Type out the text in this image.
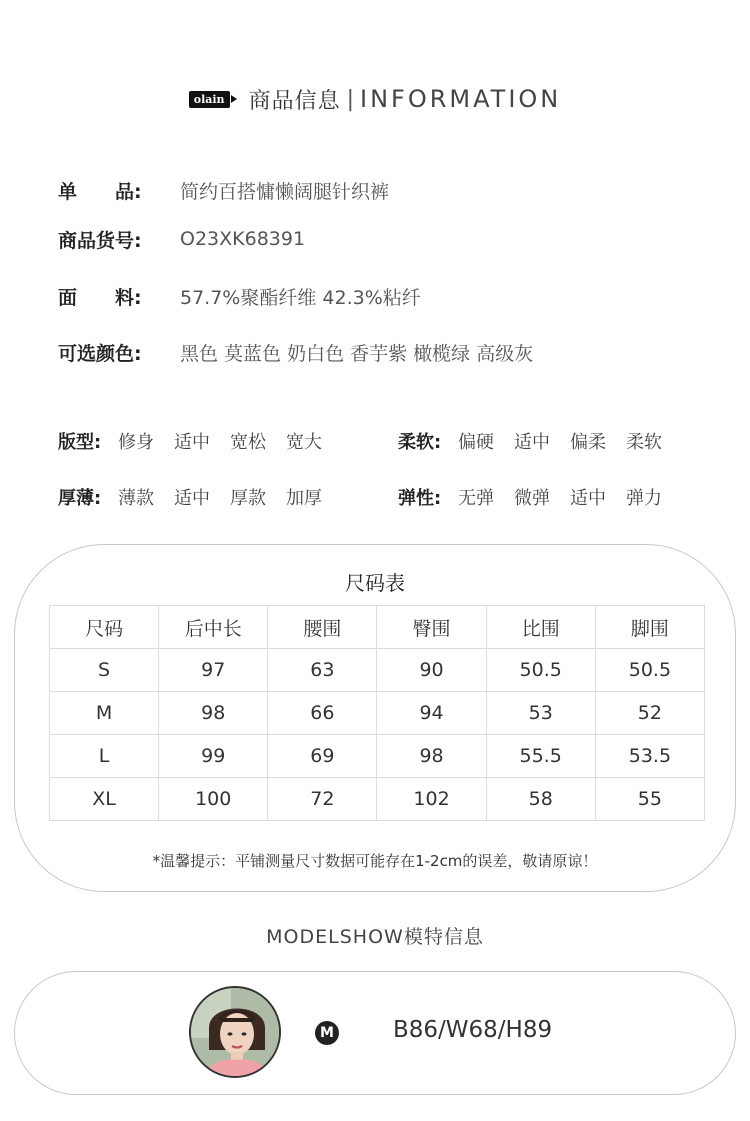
olain 商品信息 | INFORMATION
单　　品:	简约百搭慵懒阔腿针织裤
商品货号:	O23XK68391
面　　料:	57.7%聚酯纤维 42.3%粘纤
可选颜色:	黑色 莫蓝色 奶白色 香芋紫 橄榄绿 高级灰
版型: 修身	适中	宽松	宽大	柔软: 偏硬	适中	偏柔	柔软
厚薄: 薄款	适中	厚款	加厚	弹性: 无弹	微弹	适中	弹力
尺码表
尺码	后中长	腰围	臀围	比围	脚围
S	97	63	90	50.5	50.5
M	98	66	94	53	52
L	99	69	98	55.5	53.5
XL	100	72	102	58	55
*温馨提示：平铺测量尺寸数据可能存在1-2cm的误差，敬请原谅！
MODELSHOW模特信息
M	B86/W68/H89
